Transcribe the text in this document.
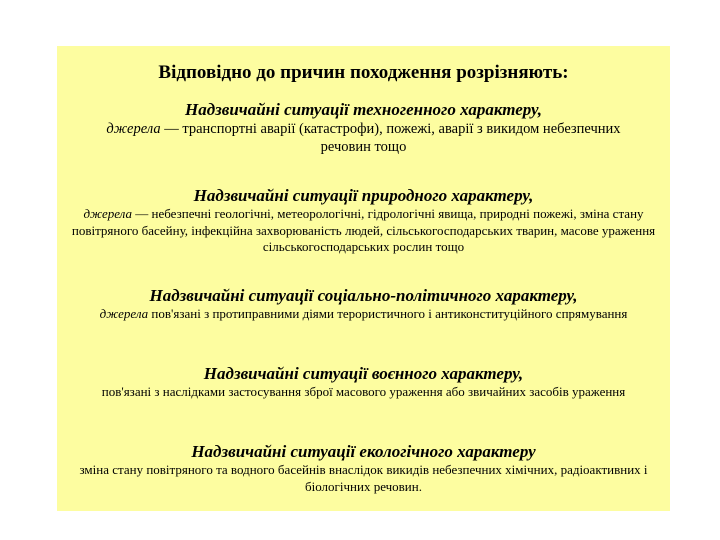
Відповідно до причин походження розрізняють:
Надзвичайні ситуації техногенного характеру,
джерела — транспортні аварії (катастрофи), пожежі, аварії з викидом небезпечних речовин тощо
Надзвичайні ситуації природного характеру,
джерела — небезпечні геологічні, метеорологічні, гідрологічні явища, природні пожежі, зміна стану повітряного басейну, інфекційна захворюваність людей, сільськогосподарських тварин, масове ураження сільськогосподарських рослин тощо
Надзвичайні ситуації соціально-політичного характеру,
джерела пов'язані з протиправними діями терористичного і антиконституційного спрямування
Надзвичайні ситуації воєнного характеру,
пов'язані з наслідками застосування зброї масового ураження або звичайних засобів ураження
Надзвичайні ситуації екологічного характеру
зміна стану повітряного та водного басейнів внаслідок викидів небезпечних хімічних, радіоактивних і біологічних речовин.
